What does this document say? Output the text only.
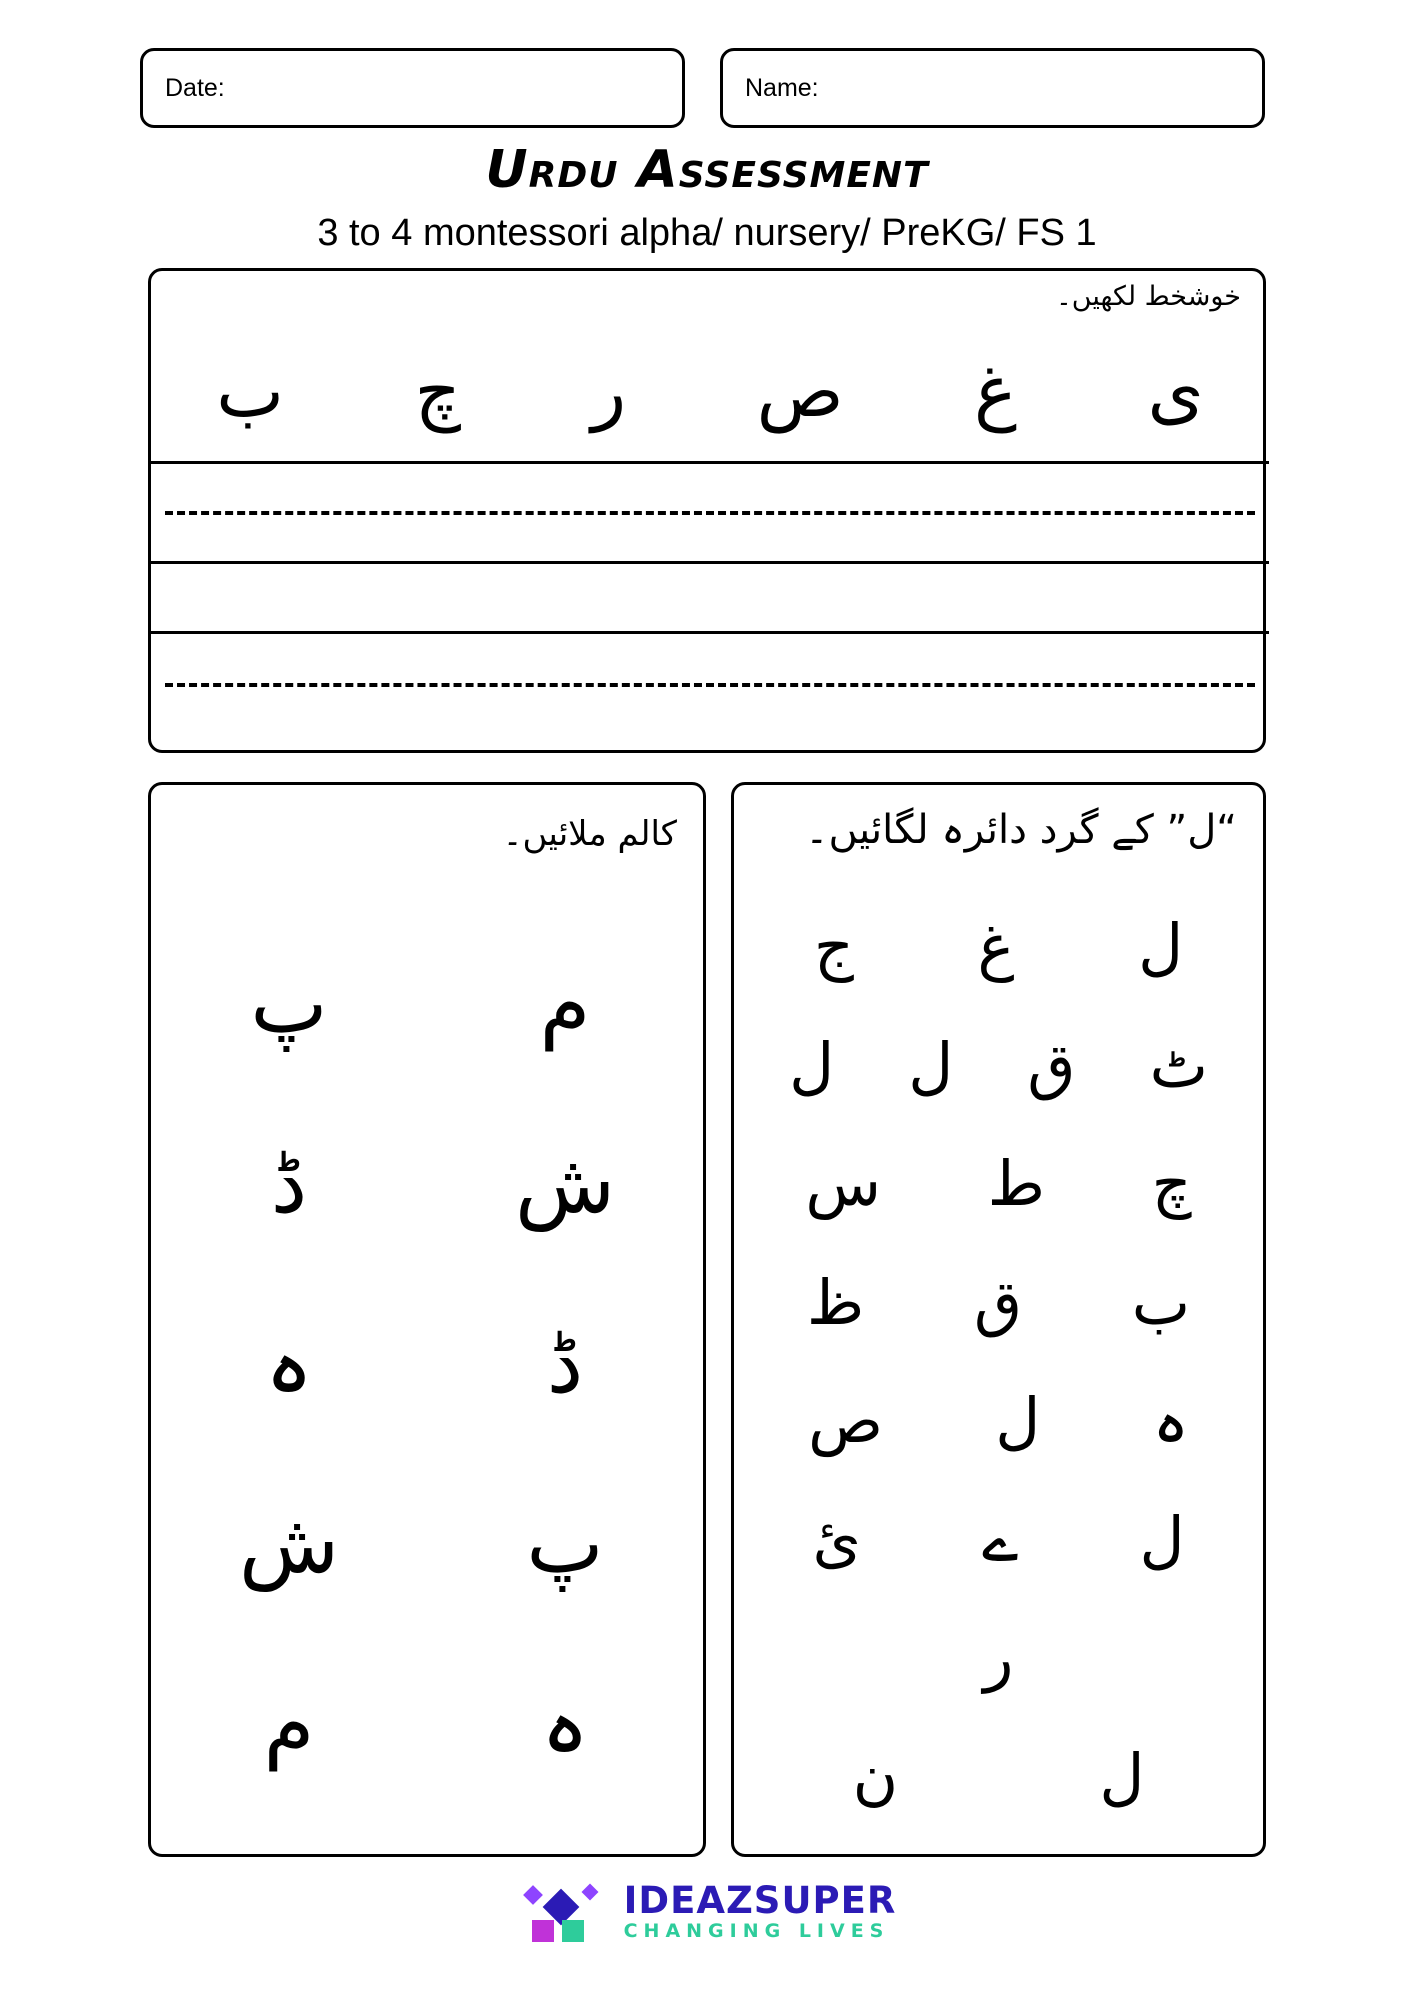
Date:	Name:
Urdu Assessment
3 to 4 montessori alpha/ nursery/ PreKG/ FS 1
خوشخط لکھیں۔
ب چ ر ص غ ی
کالم ملائیں۔
پ
ڈ
ہ
ش
م
م
ش
ڈ
پ
ہ
“ل” کے گرد دائرہ لگائیں۔
ل
غ
ج
ٹ
ق
ل
ل
چ
ط
س
ب
ق
ظ
ہ
ل
ص
ل
ے
ئ
ر
ل
ن
IDEAZSUPER
CHANGING LIVES
